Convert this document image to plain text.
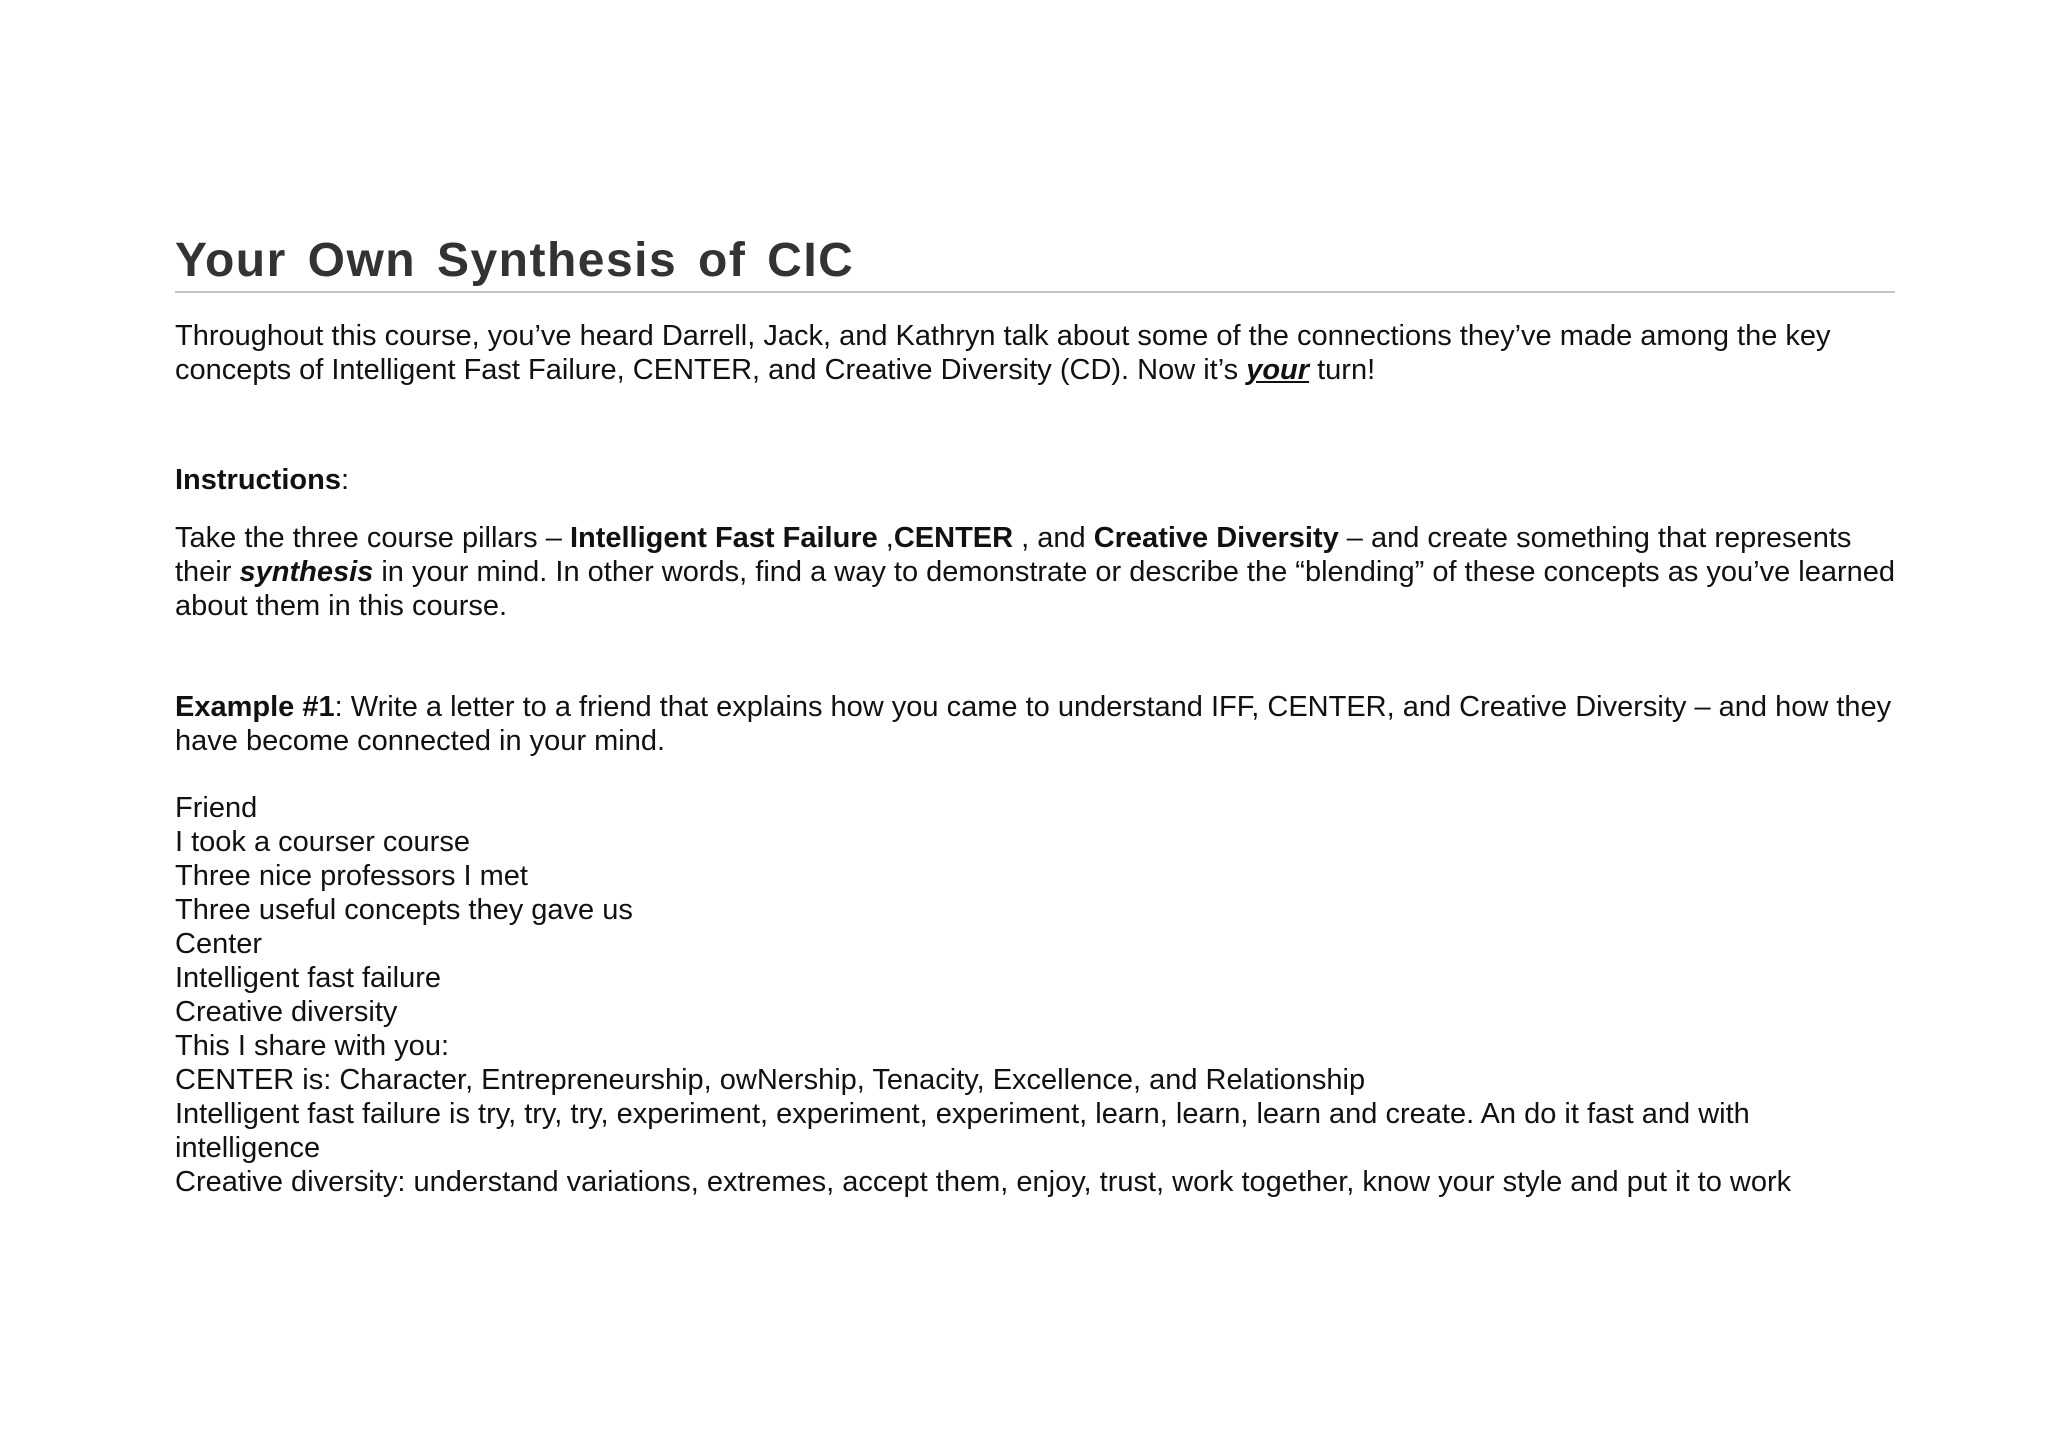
Your Own Synthesis of CIC

Throughout this course, you’ve heard Darrell, Jack, and Kathryn talk about some of the connections they’ve made among the key concepts of Intelligent Fast Failure, CENTER, and Creative Diversity (CD). Now it’s your turn!

Instructions:

Take the three course pillars – Intelligent Fast Failure ,CENTER , and Creative Diversity – and create something that represents their synthesis in your mind. In other words, find a way to demonstrate or describe the “blending” of these concepts as you’ve learned about them in this course.

Example #1: Write a letter to a friend that explains how you came to understand IFF, CENTER, and Creative Diversity – and how they have become connected in your mind.

Friend

I took a courser course

Three nice professors I met

Three useful concepts they gave us

Center

Intelligent fast failure

Creative diversity

This I share with you:

CENTER is: Character, Entrepreneurship, owNership, Tenacity, Excellence, and Relationship

Intelligent fast failure is try, try, try, experiment, experiment, experiment, learn, learn, learn and create. An do it fast and with intelligence

Creative diversity: understand variations, extremes, accept them, enjoy, trust, work together, know your style and put it to work
